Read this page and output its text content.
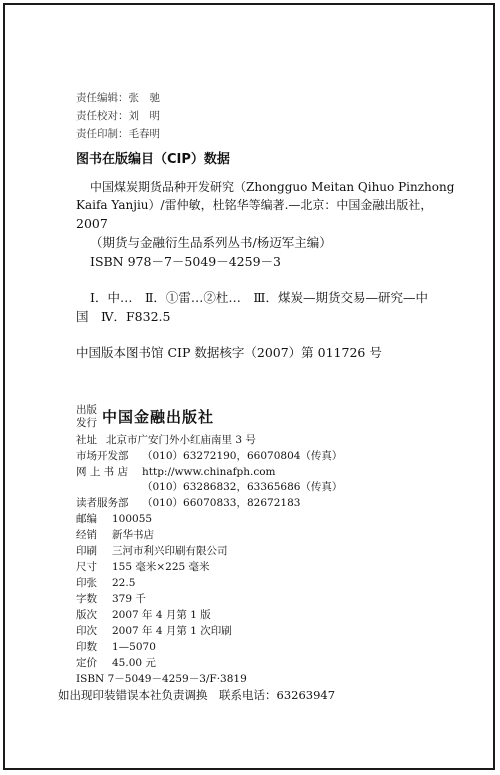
责任编辑：张　驰
责任校对：刘　明
责任印制：毛春明
图书在版编目（CIP）数据
中国煤炭期货品种开发研究（Zhongguo Meitan Qihuo Pinzhong
Kaifa Yanjiu）/雷仲敏，杜铭华等编著.—北京：中国金融出版社，
2007
（期货与金融衍生品系列丛书/杨迈军主编）
ISBN 978－7－5049－4259－3
Ⅰ．中…　Ⅱ．①雷…②杜…　Ⅲ．煤炭—期货交易—研究—中
国　Ⅳ．F832.5
中国版本图书馆 CIP 数据核字（2007）第 011726 号
出版
发行 中国金融出版社
社址 北京市广安门外小红庙南里 3 号
市场开发部 （010）63272190，66070804（传真）
网 上 书 店 http://www.chinafph.com
（010）63286832，63365686（传真）
读者服务部 （010）66070833，82672183
邮编 100055
经销 新华书店
印刷 三河市利兴印刷有限公司
尺寸 155 毫米×225 毫米
印张 22.5
字数 379 千
版次 2007 年 4 月第 1 版
印次 2007 年 4 月第 1 次印刷
印数 1—5070
定价 45.00 元
ISBN 7－5049－4259－3/F·3819
如出现印装错误本社负责调换　联系电话：63263947
